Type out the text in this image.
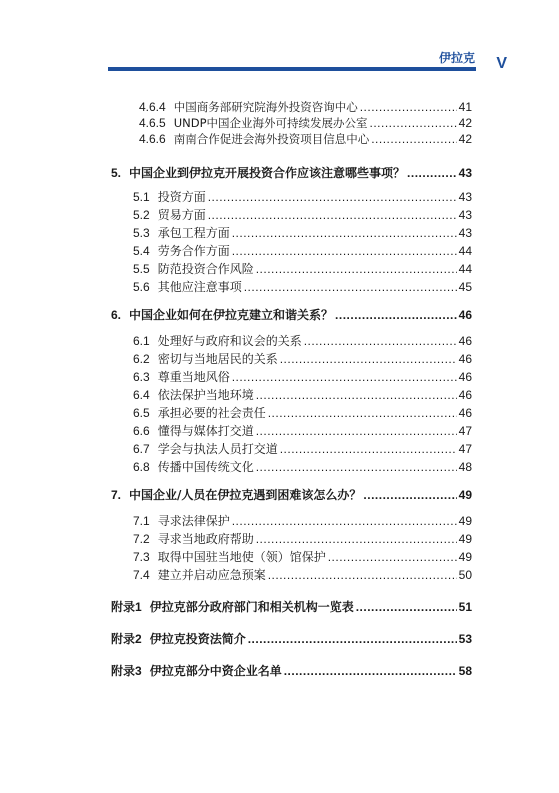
伊拉克 V
4.6.4 中国商务部研究院海外投资咨询中心 .....	41
4.6.5 UNDP中国企业海外可持续发展办公室 .....	42
4.6.6 南南合作促进会海外投资项目信息中心 .....	42
5. 中国企业到伊拉克开展投资合作应该注意哪些事项？ .....	43
5.1 投资方面 .....	43
5.2 贸易方面 .....	43
5.3 承包工程方面 .....	43
5.4 劳务合作方面 .....	44
5.5 防范投资合作风险 .....	44
5.6 其他应注意事项 .....	45
6. 中国企业如何在伊拉克建立和谐关系？ .....	46
6.1 处理好与政府和议会的关系 .....	46
6.2 密切与当地居民的关系 .....	46
6.3 尊重当地风俗 .....	46
6.4 依法保护当地环境 .....	46
6.5 承担必要的社会责任 .....	46
6.6 懂得与媒体打交道 .....	47
6.7 学会与执法人员打交道 .....	47
6.8 传播中国传统文化 .....	48
7. 中国企业/人员在伊拉克遇到困难该怎么办？ .....	49
7.1 寻求法律保护 .....	49
7.2 寻求当地政府帮助 .....	49
7.3 取得中国驻当地使（领）馆保护 .....	49
7.4 建立并启动应急预案 .....	50
附录1 伊拉克部分政府部门和相关机构一览表 .....	51
附录2 伊拉克投资法简介 .....	53
附录3 伊拉克部分中资企业名单 .....	58
